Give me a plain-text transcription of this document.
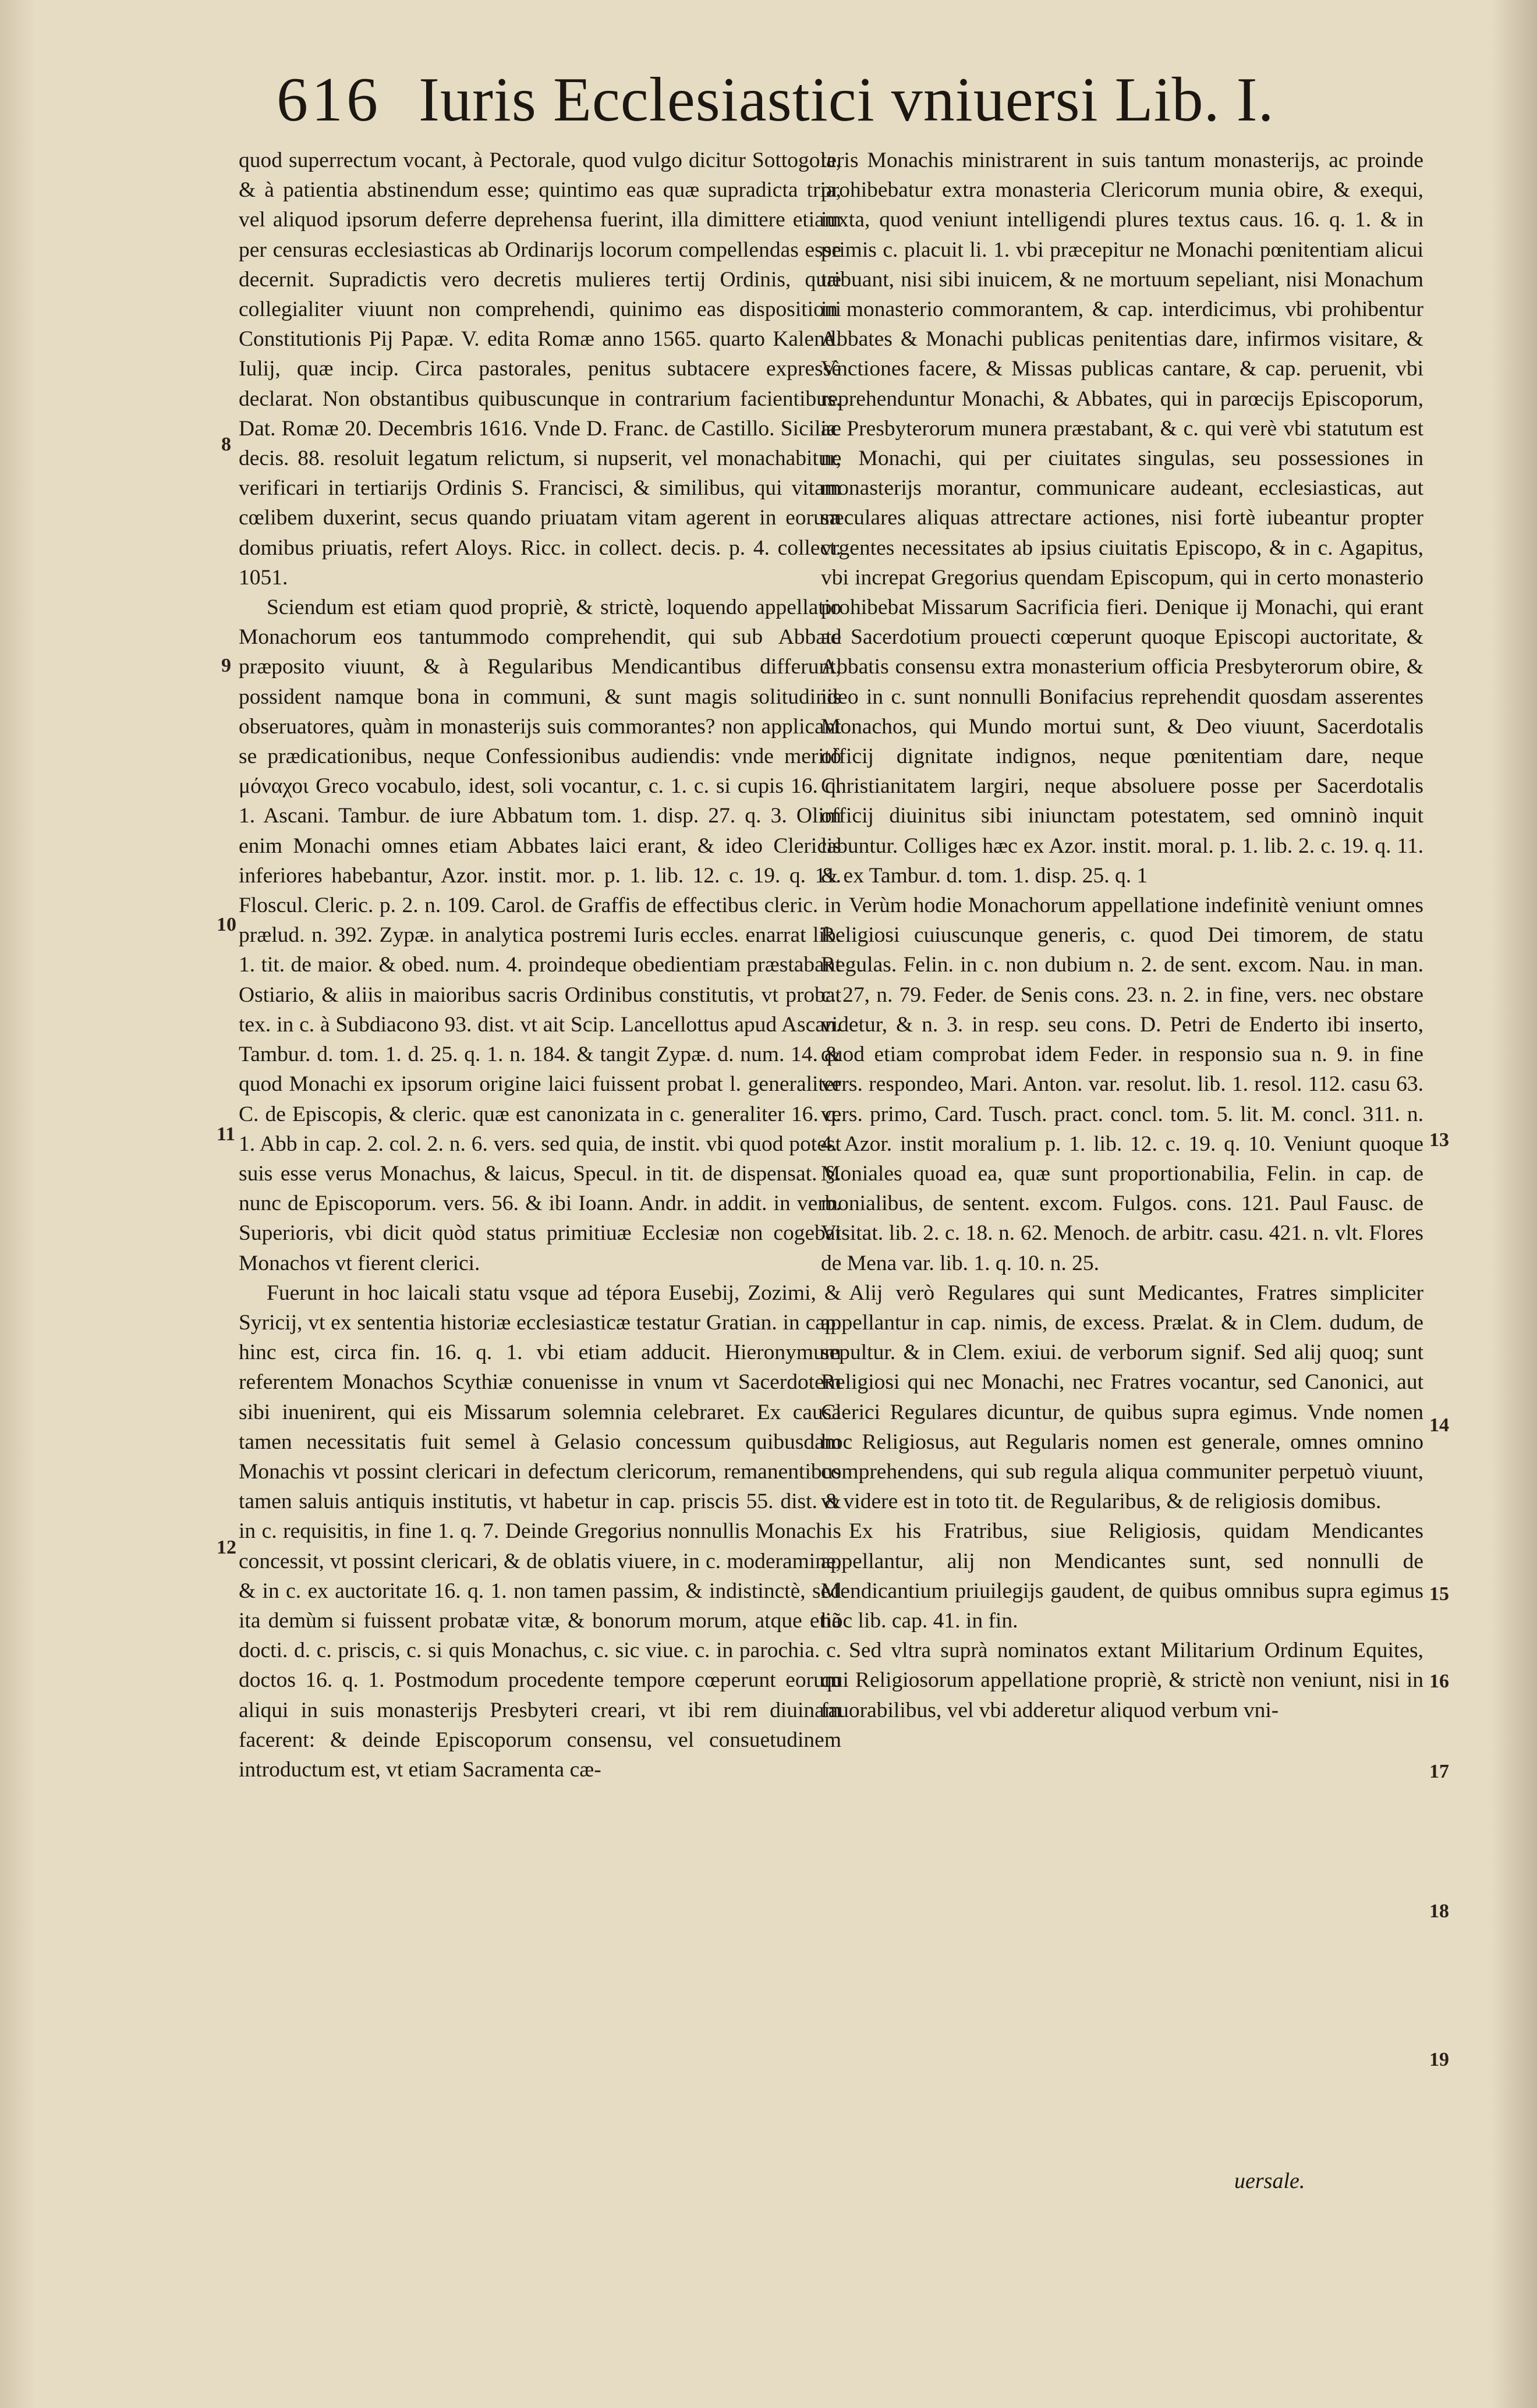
616 Iuris Ecclesiastici vniuersi Lib. I.
8
9
10
11
12
13
14
15
16
17
18
19

quod superrectum vocant, à Pectorale, quod vulgo dicitur Sottogola, & à patientia abstinendum esse; quintimo eas quæ supradicta tria, vel aliquod ipsorum deferre deprehensa fuerint, illa dimittere etiam per censuras ecclesiasticas ab Ordinarijs locorum compellendas esse decernit. Supradictis vero decretis mulieres tertij Ordinis, quæ collegialiter viuunt non comprehendi, quinimo eas dispositioni Constitutionis Pij Papæ. V. edita Romæ anno 1565. quarto Kalend. Iulij, quæ incip. Circa pastorales, penitus subtacere expressè declarat. Non obstantibus quibuscunque in contrarium facientibus. Dat. Romæ 20. Decembris 1616. Vnde D. Franc. de Castillo. Siciliæ decis. 88. resoluit legatum relictum, si nupserit, vel monachabitur, verificari in tertiarijs Ordinis S. Francisci, & similibus, qui vitam cœlibem duxerint, secus quando priuatam vitam agerent in eorum domibus priuatis, refert Aloys. Ricc. in collect. decis. p. 4. collect. 1051.

Sciendum est etiam quod propriè, & strictè, loquendo appellatio Monachorum eos tantummodo comprehendit, qui sub Abbate præposito viuunt, & à Regularibus Mendicantibus differunt, possident namque bona in communi, & sunt magis solitudinis obseruatores, quàm in monasterijs suis commorantes? non applicant se prædicationibus, neque Confessionibus audiendis: vnde meritò μόναχοι Greco vocabulo, idest, soli vocantur, c. 1. c. si cupis 16. q. 1. Ascani. Tambur. de iure Abbatum tom. 1. disp. 27. q. 3. Olim enim Monachi omnes etiam Abbates laici erant, & ideo Clericis inferiores habebantur, Azor. instit. mor. p. 1. lib. 12. c. 19. q. 11. Floscul. Cleric. p. 2. n. 109. Carol. de Graffis de effectibus cleric. in prælud. n. 392. Zypæ. in analytica postremi Iuris eccles. enarrat lib. 1. tit. de maior. & obed. num. 4. proindeque obedientiam præstabant Ostiario, & aliis in maioribus sacris Ordinibus constitutis, vt probat tex. in c. à Subdiacono 93. dist. vt ait Scip. Lancellottus apud Ascan. Tambur. d. tom. 1. d. 25. q. 1. n. 184. & tangit Zypæ. d. num. 14. & quod Monachi ex ipsorum origine laici fuissent probat l. generaliter C. de Episcopis, & cleric. quæ est canonizata in c. generaliter 16. q. 1. Abb in cap. 2. col. 2. n. 6. vers. sed quia, de instit. vbi quod potest suis esse verus Monachus, & laicus, Specul. in tit. de dispensat. §. nunc de Episcoporum. vers. 56. & ibi Ioann. Andr. in addit. in verb. Superioris, vbi dicit quòd status primitiuæ Ecclesiæ non cogebat Monachos vt fierent clerici.

Fuerunt in hoc laicali statu vsque ad tépora Eusebij, Zozimi, & Syricij, vt ex sententia historiæ ecclesiasticæ testatur Gratian. in cap. hinc est, circa fin. 16. q. 1. vbi etiam adducit. Hieronymum referentem Monachos Scythiæ conuenisse in vnum vt Sacerdotem sibi inuenirent, qui eis Missarum solemnia celebraret. Ex causa tamen necessitatis fuit semel à Gelasio concessum quibusdam Monachis vt possint clericari in defectum clericorum, remanentibus tamen saluis antiquis institutis, vt habetur in cap. priscis 55. dist. & in c. requisitis, in fine 1. q. 7. Deinde Gregorius nonnullis Monachis concessit, vt possint clericari, & de oblatis viuere, in c. moderamine, & in c. ex auctoritate 16. q. 1. non tamen passim, & indistinctè, sed ita demùm si fuissent probatæ vitæ, & bonorum morum, atque etiã docti. d. c. priscis, c. si quis Monachus, c. sic viue. c. in parochia. c. doctos 16. q. 1. Postmodum procedente tempore cœperunt eorum aliqui in suis monasterijs Presbyteri creari, vt ibi rem diuinam facerent: & deinde Episcoporum consensu, vel consuetudinem introductum est, vt etiam Sacramenta cæ-

teris Monachis ministrarent in suis tantum monasterijs, ac proinde prohibebatur extra monasteria Clericorum munia obire, & exequi, iuxta, quod veniunt intelligendi plures textus caus. 16. q. 1. & in primis c. placuit li. 1. vbi præcepitur ne Monachi pœnitentiam alicui tribuant, nisi sibi inuicem, & ne mortuum sepeliant, nisi Monachum in monasterio commorantem, & cap. interdicimus, vbi prohibentur Abbates & Monachi publicas penitentias dare, infirmos visitare, & Vnctiones facere, & Missas publicas cantare, & cap. peruenit, vbi reprehenduntur Monachi, & Abbates, qui in parœcijs Episcoporum, ac Presbyterorum munera præstabant, & c. qui verè vbi statutum est ne Monachi, qui per ciuitates singulas, seu possessiones in monasterijs morantur, communicare audeant, ecclesiasticas, aut sæculares aliquas attrectare actiones, nisi fortè iubeantur propter vrgentes necessitates ab ipsius ciuitatis Episcopo, & in c. Agapitus, vbi increpat Gregorius quendam Episcopum, qui in certo monasterio prohibebat Missarum Sacrificia fieri. Denique ij Monachi, qui erant ad Sacerdotium prouecti cœperunt quoque Episcopi auctoritate, & Abbatis consensu extra monasterium officia Presbyterorum obire, & ideo in c. sunt nonnulli Bonifacius reprehendit quosdam asserentes Monachos, qui Mundo mortui sunt, & Deo viuunt, Sacerdotalis officij dignitate indignos, neque pœnitentiam dare, neque Christianitatem largiri, neque absoluere posse per Sacerdotalis officij diuinitus sibi iniunctam potestatem, sed omninò inquit labuntur. Colliges hæc ex Azor. instit. moral. p. 1. lib. 2. c. 19. q. 11. & ex Tambur. d. tom. 1. disp. 25. q. 1

Verùm hodie Monachorum appellatione indefinitè veniunt omnes Religiosi cuiuscunque generis, c. quod Dei timorem, de statu Regulas. Felin. in c. non dubium n. 2. de sent. excom. Nau. in man. c. 27, n. 79. Feder. de Senis cons. 23. n. 2. in fine, vers. nec obstare videtur, & n. 3. in resp. seu cons. D. Petri de Enderto ibi inserto, quod etiam comprobat idem Feder. in responsio sua n. 9. in fine vers. respondeo, Mari. Anton. var. resolut. lib. 1. resol. 112. casu 63. vers. primo, Card. Tusch. pract. concl. tom. 5. lit. M. concl. 311. n. 4. Azor. instit moralium p. 1. lib. 12. c. 19. q. 10. Veniunt quoque Moniales quoad ea, quæ sunt proportionabilia, Felin. in cap. de monialibus, de sentent. excom. Fulgos. cons. 121. Paul Fausc. de Visitat. lib. 2. c. 18. n. 62. Menoch. de arbitr. casu. 421. n. vlt. Flores de Mena var. lib. 1. q. 10. n. 25.

Alij verò Regulares qui sunt Medicantes, Fratres simpliciter appellantur in cap. nimis, de excess. Prælat. & in Clem. dudum, de sepultur. & in Clem. exiui. de verborum signif. Sed alij quoq; sunt Religiosi qui nec Monachi, nec Fratres vocantur, sed Canonici, aut Clerici Regulares dicuntur, de quibus supra egimus. Vnde nomen hoc Religiosus, aut Regularis nomen est generale, omnes omnino comprehendens, qui sub regula aliqua communiter perpetuò viuunt, vt videre est in toto tit. de Regularibus, & de religiosis domibus.

Ex his Fratribus, siue Religiosis, quidam Mendicantes appellantur, alij non Mendicantes sunt, sed nonnulli de Mendicantium priuilegijs gaudent, de quibus omnibus supra egimus hoc lib. cap. 41. in fin.

Sed vltra suprà nominatos extant Militarium Ordinum Equites, qui Religiosorum appellatione propriè, & strictè non veniunt, nisi in fauorabilibus, vel vbi adderetur aliquod verbum vni-

uersale.
